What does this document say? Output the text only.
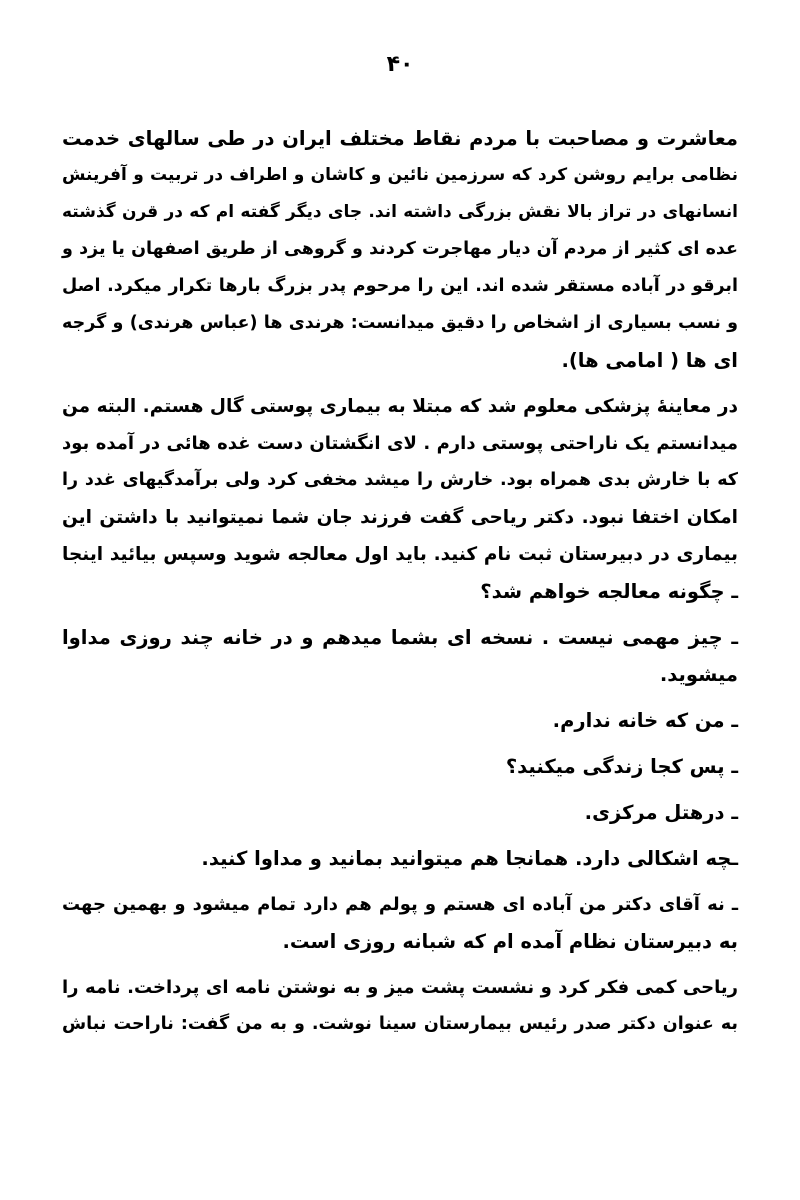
۴۰
معاشرت و مصاحبت با مردم نقاط مختلف ایران در طی سالهای خدمت
نظامی برایم روشن کرد که سرزمین نائین و کاشان و اطراف در تربیت و آفرینش
انسانهای در تراز بالا نقش بزرگی داشته اند. جای دیگر گفته ام که در قرن گذشته
عده ای کثیر از مردم آن دیار مهاجرت کردند و گروهی از طریق اصفهان یا یزد و
ابرقو در آباده مستقر شده اند. این را مرحوم پدر بزرگ بارها تکرار میکرد. اصل
و نسب بسیاری از اشخاص را دقیق میدانست: هرندی ها (عباس هرندی) و گرجه
ای ها ( امامی ها).
در معاینهٔ پزشکی معلوم شد که مبتلا به بیماری پوستی گال هستم. البته من
میدانستم یک ناراحتی پوستی دارم . لای انگشتان دست غده هائی در آمده بود
که با خارش بدی همراه بود. خارش را میشد مخفی کرد ولی برآمدگیهای غدد را
امکان اختفا نبود. دکتر ریاحی گفت فرزند جان شما نمیتوانید با داشتن این
بیماری در دبیرستان ثبت نام کنید. باید اول معالجه شوید وسپس بیائید اینجا
ـ چگونه معالجه خواهم شد؟
ـ چیز مهمی نیست . نسخه ای بشما میدهم و در خانه چند روزی مداوا
میشوید.
ـ من که خانه ندارم.
ـ پس کجا زندگی میکنید؟
ـ درهتل مرکزی.
ـچه اشکالی دارد. همانجا هم میتوانید بمانید و مداوا کنید.
ـ نه آقای دکتر من آباده ای هستم و پولم هم دارد تمام میشود و بهمین جهت
به دبیرستان نظام آمده ام که شبانه روزی است.
ریاحی کمی فکر کرد و نشست پشت میز و به نوشتن نامه ای پرداخت. نامه را
به عنوان دکتر صدر رئیس بیمارستان سینا نوشت. و به من گفت: ناراحت نباش
